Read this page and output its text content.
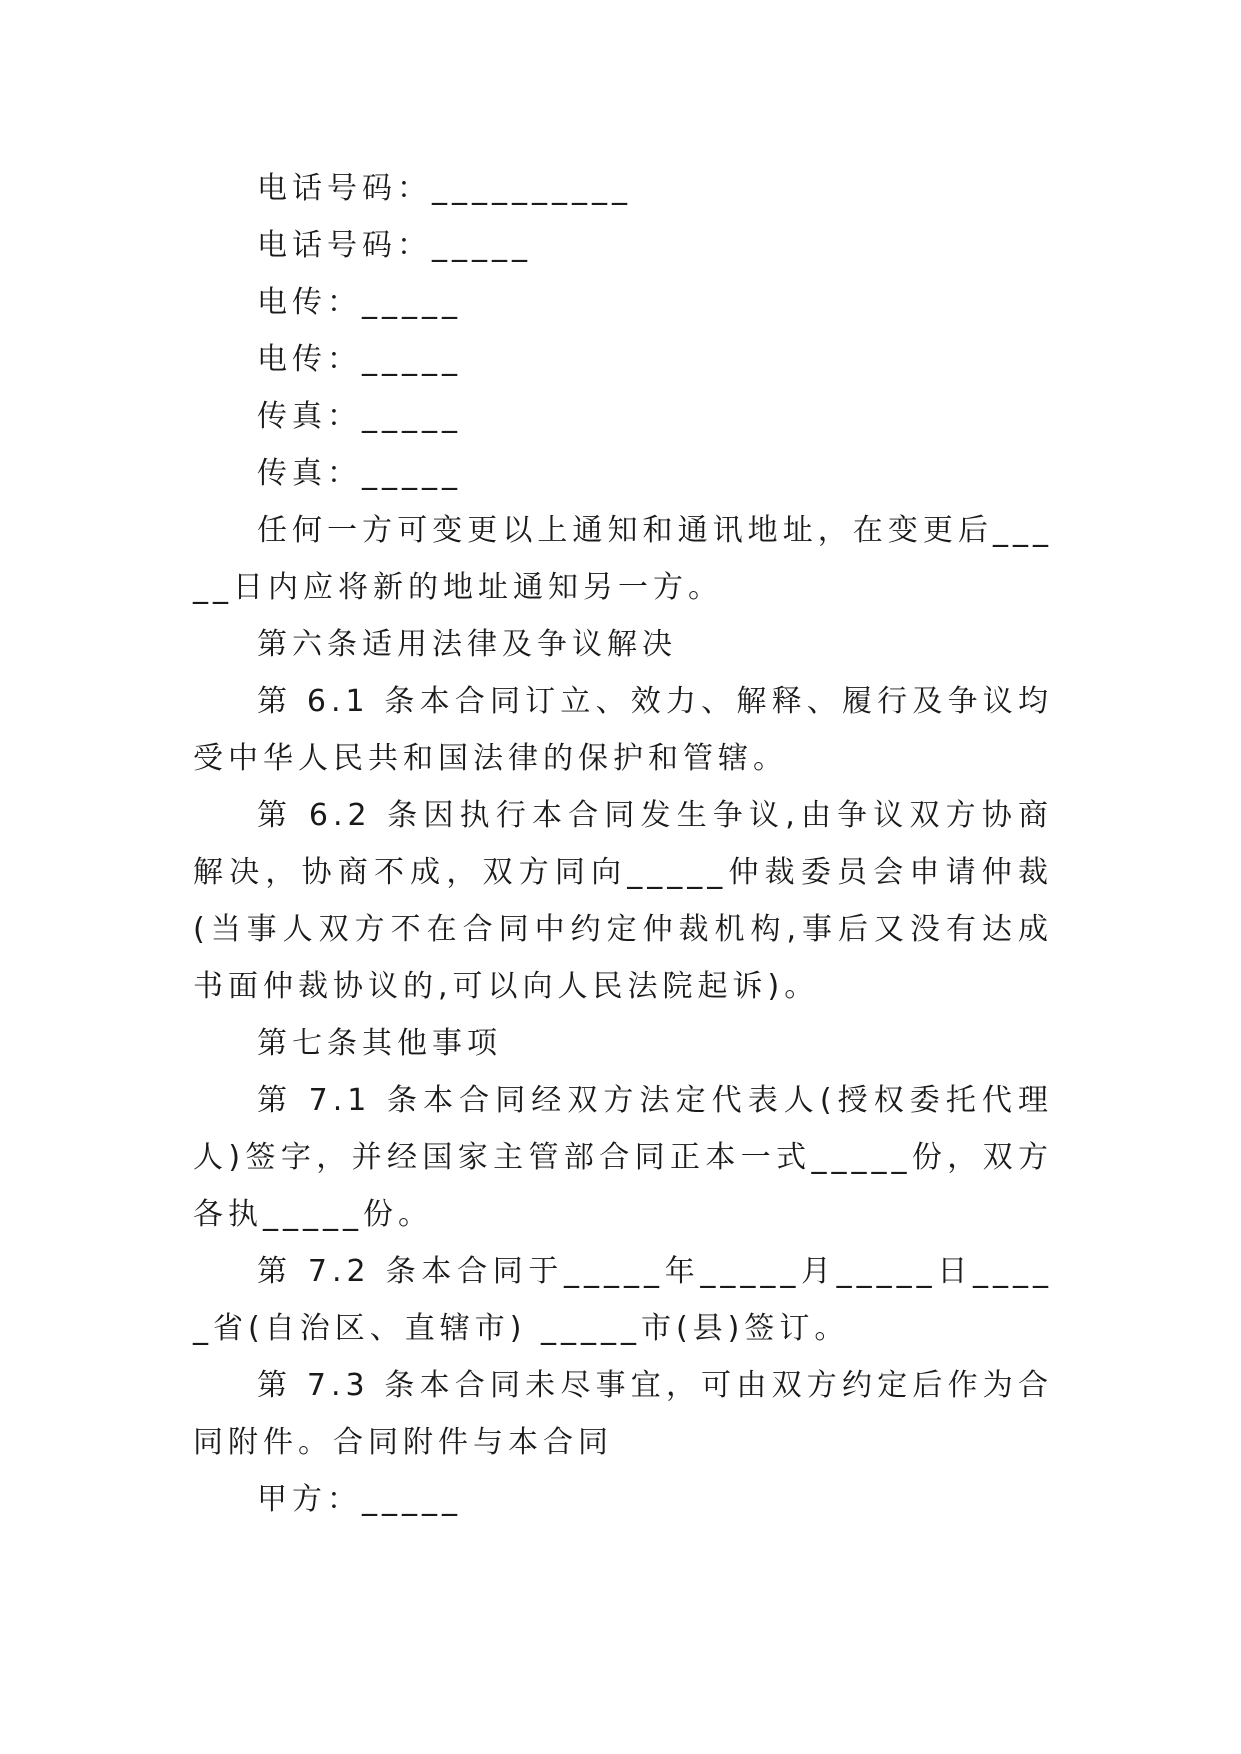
电话号码：__________

电话号码：_____

电传：_____

电传：_____

传真：_____

传真：_____

任何一方可变更以上通知和通讯地址，在变更后_____日内应将新的地址通知另一方。

第六条适用法律及争议解决

第 6.1 条本合同订立、效力、解释、履行及争议均受中华人民共和国法律的保护和管辖。

第 6.2 条因执行本合同发生争议,由争议双方协商解决，协商不成，双方同向_____仲裁委员会申请仲裁(当事人双方不在合同中约定仲裁机构,事后又没有达成书面仲裁协议的,可以向人民法院起诉)。

第七条其他事项

第 7.1 条本合同经双方法定代表人(授权委托代理人)签字，并经国家主管部合同正本一式_____份，双方各执_____份。

第 7.2 条本合同于_____年_____月_____日_____省(自治区、直辖市) _____市(县)签订。

第 7.3 条本合同未尽事宜，可由双方约定后作为合同附件。合同附件与本合同

甲方：_____
